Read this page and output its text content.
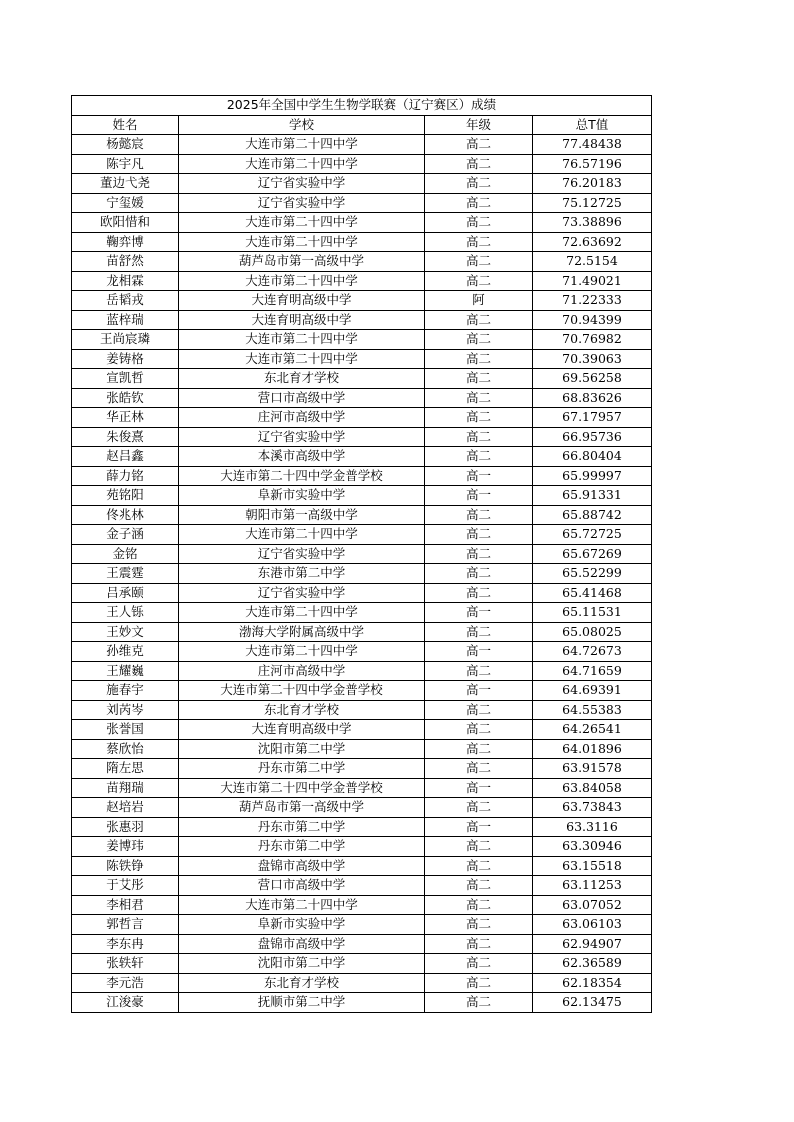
2025年全国中学生生物学联赛（辽宁赛区）成绩			
姓名	学校	年级	总T值
杨懿宸	大连市第二十四中学	高二	77.48438
陈宇凡	大连市第二十四中学	高二	76.57196
董边弋尧	辽宁省实验中学	高二	76.20183
宁玺媛	辽宁省实验中学	高二	75.12725
欧阳惜和	大连市第二十四中学	高二	73.38896
鞠弈博	大连市第二十四中学	高二	72.63692
苗舒然	葫芦岛市第一高级中学	高二	72.5154
龙相霖	大连市第二十四中学	高二	71.49021
岳韬戎	大连育明高级中学	阿	71.22333
蓝梓瑞	大连育明高级中学	高二	70.94399
王尚宸璘	大连市第二十四中学	高二	70.76982
姜铸格	大连市第二十四中学	高二	70.39063
宣凯哲	东北育才学校	高二	69.56258
张皓钦	营口市高级中学	高二	68.83626
华正林	庄河市高级中学	高二	67.17957
朱俊熹	辽宁省实验中学	高二	66.95736
赵吕鑫	本溪市高级中学	高二	66.80404
薛力铭	大连市第二十四中学金普学校	高一	65.99997
苑铭阳	阜新市实验中学	高一	65.91331
佟兆林	朝阳市第一高级中学	高二	65.88742
金子涵	大连市第二十四中学	高二	65.72725
金铭	辽宁省实验中学	高二	65.67269
王震霆	东港市第二中学	高二	65.52299
吕承颐	辽宁省实验中学	高二	65.41468
王人铄	大连市第二十四中学	高一	65.11531
王妙文	渤海大学附属高级中学	高二	65.08025
孙维克	大连市第二十四中学	高一	64.72673
王耀巍	庄河市高级中学	高二	64.71659
施春宇	大连市第二十四中学金普学校	高一	64.69391
刘芮岑	东北育才学校	高二	64.55383
张誉国	大连育明高级中学	高二	64.26541
蔡欣怡	沈阳市第二中学	高二	64.01896
隋左思	丹东市第二中学	高二	63.91578
苗翔瑞	大连市第二十四中学金普学校	高一	63.84058
赵培岩	葫芦岛市第一高级中学	高二	63.73843
张惠羽	丹东市第二中学	高一	63.3116
姜博玮	丹东市第二中学	高二	63.30946
陈铁铮	盘锦市高级中学	高二	63.15518
于艾彤	营口市高级中学	高二	63.11253
李相君	大连市第二十四中学	高二	63.07052
郭哲言	阜新市实验中学	高二	63.06103
李东冉	盘锦市高级中学	高二	62.94907
张轶轩	沈阳市第二中学	高二	62.36589
李元浩	东北育才学校	高二	62.18354
江浚豪	抚顺市第二中学	高二	62.13475
